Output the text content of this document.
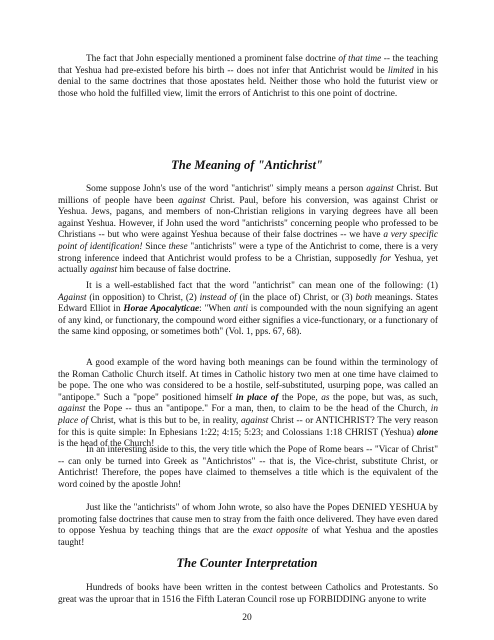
The fact that John especially mentioned a prominent false doctrine of that time -- the teaching that Yeshua had pre-existed before his birth -- does not infer that Antichrist would be limited in his denial to the same doctrines that those apostates held. Neither those who hold the futurist view or those who hold the fulfilled view, limit the errors of Antichrist to this one point of doctrine.

The Meaning of "Antichrist"

Some suppose John's use of the word "antichrist" simply means a person against Christ. But millions of people have been against Christ. Paul, before his conversion, was against Christ or Yeshua. Jews, pagans, and members of non-Christian religions in varying degrees have all been against Yeshua. However, if John used the word "antichrists" concerning people who professed to be Christians -- but who were against Yeshua because of their false doctrines -- we have a very specific point of identification! Since these "antichrists" were a type of the Antichrist to come, there is a very strong inference indeed that Antichrist would profess to be a Christian, supposedly for Yeshua, yet actually against him because of false doctrine.

It is a well-established fact that the word "antichrist" can mean one of the following: (1) Against (in opposition) to Christ, (2) instead of (in the place of) Christ, or (3) both meanings. States Edward Elliot in Horae Apocalyticae: "When anti is compounded with the noun signifying an agent of any kind, or functionary, the compound word either signifies a vice-functionary, or a functionary of the same kind opposing, or sometimes both" (Vol. 1, pps. 67, 68).

A good example of the word having both meanings can be found within the terminology of the Roman Catholic Church itself. At times in Catholic history two men at one time have claimed to be pope. The one who was considered to be a hostile, self-substituted, usurping pope, was called an "antipope." Such a "pope" positioned himself in place of the Pope, as the pope, but was, as such, against the Pope -- thus an "antipope." For a man, then, to claim to be the head of the Church, in place of Christ, what is this but to be, in reality, against Christ -- or ANTICHRIST? The very reason for this is quite simple: In Ephesians 1:22; 4:15; 5:23; and Colossians 1:18 CHRIST (Yeshua) alone is the head of the Church!

In an interesting aside to this, the very title which the Pope of Rome bears -- "Vicar of Christ" -- can only be turned into Greek as "Antichristos" -- that is, the Vice-christ, substitute Christ, or Antichrist! Therefore, the popes have claimed to themselves a title which is the equivalent of the word coined by the apostle John!

Just like the "antichrists" of whom John wrote, so also have the Popes DENIED YESHUA by promoting false doctrines that cause men to stray from the faith once delivered. They have even dared to oppose Yeshua by teaching things that are the exact opposite of what Yeshua and the apostles taught!

The Counter Interpretation

Hundreds of books have been written in the contest between Catholics and Protestants. So great was the uproar that in 1516 the Fifth Lateran Council rose up FORBIDDING anyone to write

20
